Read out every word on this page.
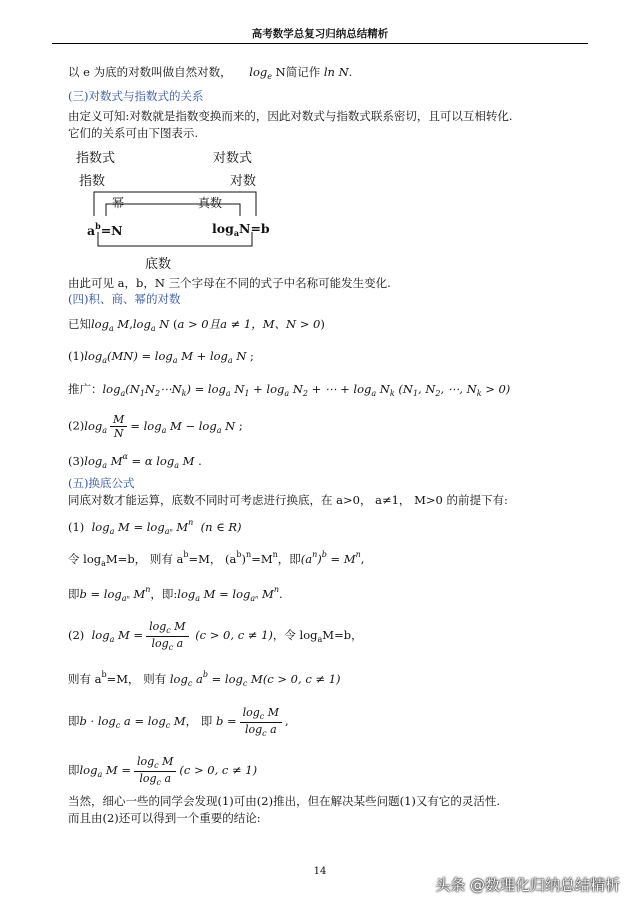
高考数学总复习归纳总结精析
以 e 为底的对数叫做自然对数， $\log_e N$简记作 ln N.
(三)对数式与指数式的关系
由定义可知:对数就是指数变换而来的，因此对数式与指数式联系密切，且可以互相转化.
它们的关系可由下图表示.
指数式	对数式
指数	对数
幂	真数
$a^b=N$	$\log_aN=b$
底数
由此可见 a，b，N 三个字母在不同的式子中名称可能发生变化.
(四)积、商、幂的对数
已知$\log_a M,\log_a$ N (a > 0且a ≠ 1，M、N > 0)
$(1)\log_a(MN) = \log_a M + \log_a N$ ;
推广：$\log_a(N_1N_2\cdots N_k) = \log_a N_1 + \log_a N_2$ + ⋯ + $\log_a N_k$ ($N_1$, $N_2$, ⋯, $N_k > 0$)
$(2)\log_a \frac{M}{N} = \log_a M - \log_a N$ ;
$(3)\log_a$ $M^\alpha = \alpha$ $\log_a M$ .
(五)换底公式
同底对数才能运算，底数不同时可考虑进行换底，在 a>0， a≠1， M>0 的前提下有:
(1) $\log_a M = \log_{a^n} M^n$ (n ∈ R)
令 $\log_aM=b$， 则有 $a^b=M$， $(a^b)^n=M^n$，即$(a^n)^b = M^n$,
即$b = \log_{a^n} M^n$，即$:\log_a$ $M = \log_{a^n} M^n$.
(2) $\log_a M = \frac{\log_c M}{\log_c a} (c > 0$, c ≠ 1)，令 $\log_aM=b$，
则有 $a^b=M$， 则有 $\log_c a^b = \log_c M(c > 0$, c ≠ 1)
即$b \cdot \log_c a = \log_c M$， 即 $b = \frac{\log_c M}{\log_c a}$ ,
即$\log_a M = \frac{\log_c M}{\log_c a} (c > 0$, c ≠ 1)
当然，细心一些的同学会发现(1)可由(2)推出，但在解决某些问题(1)又有它的灵活性.
而且由(2)还可以得到一个重要的结论:
14
头条 @数理化归纳总结精析
